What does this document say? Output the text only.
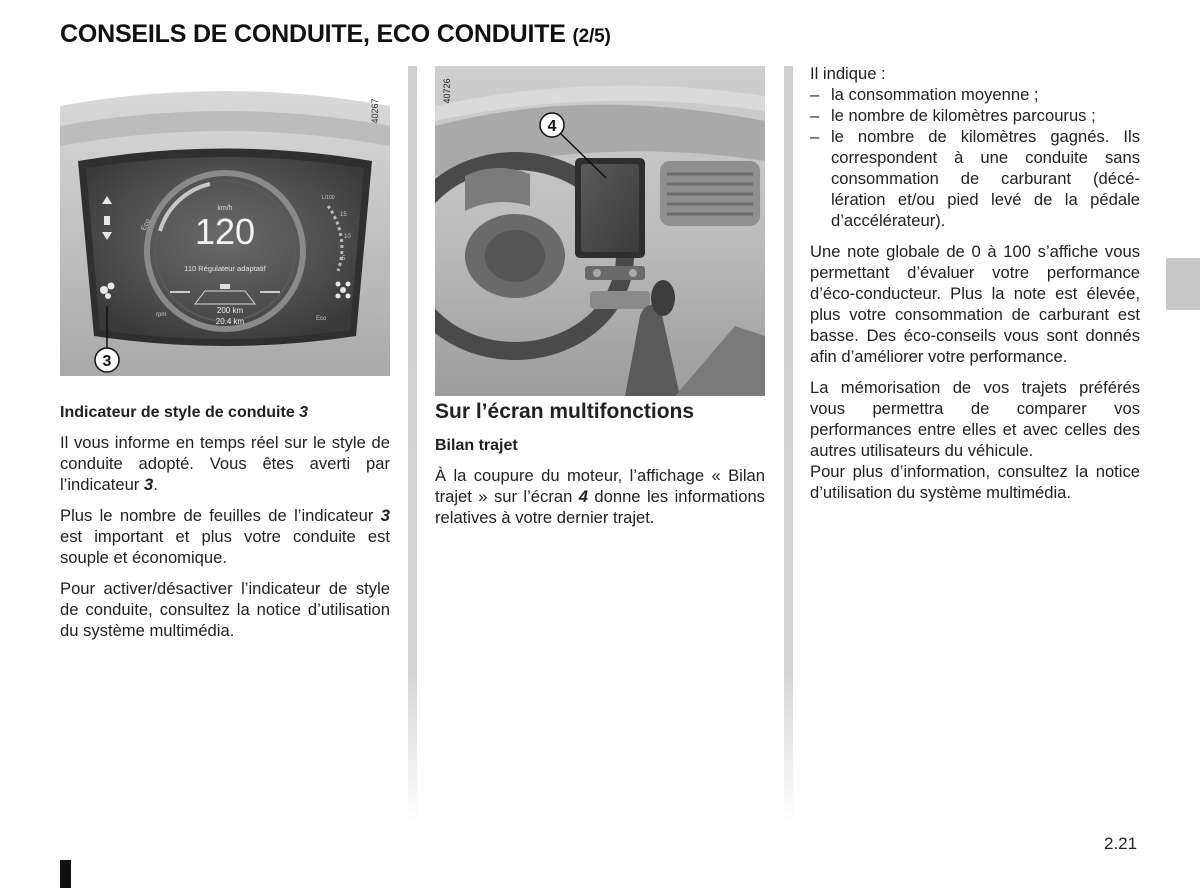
CONSEILS DE CONDUITE, ECO CONDUITE (2/5)
km/h
120
110 Régulateur adaptatif
200 km
20.4 km
rpm
Eco
Eco
L/100
15
10
5
3
40267
4
40726
Indicateur de style de conduite 3

Il vous informe en temps réel sur le style de conduite adopté. Vous êtes averti par l’indicateur 3.

Plus le nombre de feuilles de l’indicateur 3 est important et plus votre conduite est souple et économique.

Pour activer/désactiver l’indicateur de style de conduite, consultez la notice d’utilisation du système multimédia.

Sur l’écran multifonctions
Bilan trajet

À la coupure du moteur, l’affichage « Bilan trajet » sur l’écran 4 donne les informations relatives à votre dernier trajet.

Il indique :

– la consommation moyenne ;
– le nombre de kilomètres parcourus ;
– le nombre de kilomètres gagnés. Ils correspondent à une conduite sans consommation de carburant (décé-lération et/ou pied levé de la pédale d’accélérateur).

Une note globale de 0 à 100 s’affiche vous permettant d’évaluer votre performance d’éco-conducteur. Plus la note est élevée, plus votre consommation de carburant est basse. Des éco-conseils vous sont donnés afin d’améliorer votre performance.

La mémorisation de vos trajets préférés vous permettra de comparer vos performances entre elles et avec celles des autres utilisateurs du véhicule.

Pour plus d’information, consultez la notice d’utilisation du système multimédia.

2.21
